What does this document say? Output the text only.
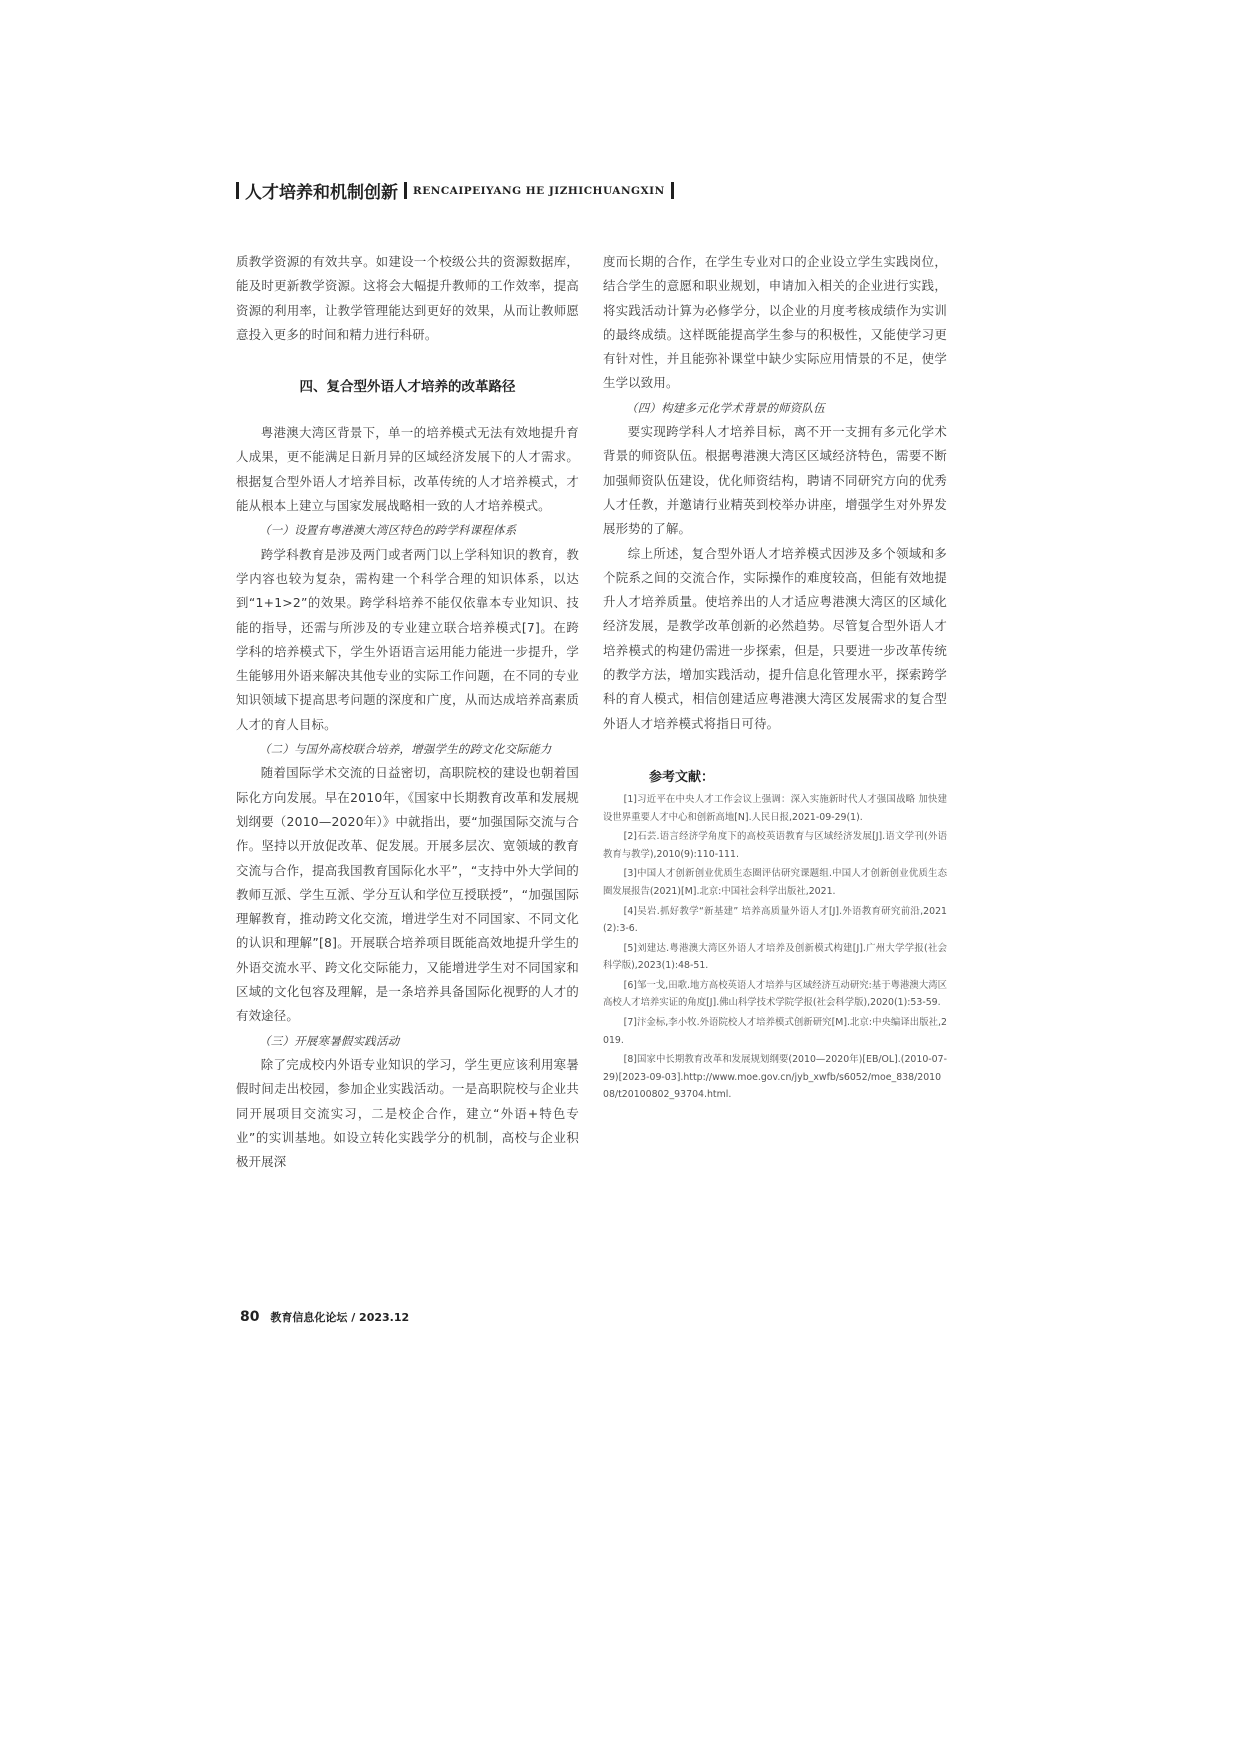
人才培养和机制创新 RENCAIPEIYANG HE JIZHICHUANGXIN

质教学资源的有效共享。如建设一个校级公共的资源数据库，能及时更新教学资源。这将会大幅提升教师的工作效率，提高资源的利用率，让教学管理能达到更好的效果，从而让教师愿意投入更多的时间和精力进行科研。

四、复合型外语人才培养的改革路径

粤港澳大湾区背景下，单一的培养模式无法有效地提升育人成果，更不能满足日新月异的区域经济发展下的人才需求。根据复合型外语人才培养目标，改革传统的人才培养模式，才能从根本上建立与国家发展战略相一致的人才培养模式。

（一）设置有粤港澳大湾区特色的跨学科课程体系

跨学科教育是涉及两门或者两门以上学科知识的教育，教学内容也较为复杂，需构建一个科学合理的知识体系，以达到“1+1>2”的效果。跨学科培养不能仅依靠本专业知识、技能的指导，还需与所涉及的专业建立联合培养模式[7]。在跨学科的培养模式下，学生外语语言运用能力能进一步提升，学生能够用外语来解决其他专业的实际工作问题，在不同的专业知识领域下提高思考问题的深度和广度，从而达成培养高素质人才的育人目标。

（二）与国外高校联合培养，增强学生的跨文化交际能力

随着国际学术交流的日益密切，高职院校的建设也朝着国际化方向发展。早在2010年，《国家中长期教育改革和发展规划纲要（2010—2020年）》中就指出，要“加强国际交流与合作。坚持以开放促改革、促发展。开展多层次、宽领域的教育交流与合作，提高我国教育国际化水平”，“支持中外大学间的教师互派、学生互派、学分互认和学位互授联授”，“加强国际理解教育，推动跨文化交流，增进学生对不同国家、不同文化的认识和理解”[8]。开展联合培养项目既能高效地提升学生的外语交流水平、跨文化交际能力，又能增进学生对不同国家和区域的文化包容及理解，是一条培养具备国际化视野的人才的有效途径。

（三）开展寒暑假实践活动

除了完成校内外语专业知识的学习，学生更应该利用寒暑假时间走出校园，参加企业实践活动。一是高职院校与企业共同开展项目交流实习，二是校企合作，建立“外语+特色专业”的实训基地。如设立转化实践学分的机制，高校与企业积极开展深

度而长期的合作，在学生专业对口的企业设立学生实践岗位，结合学生的意愿和职业规划，申请加入相关的企业进行实践，将实践活动计算为必修学分，以企业的月度考核成绩作为实训的最终成绩。这样既能提高学生参与的积极性，又能使学习更有针对性，并且能弥补课堂中缺少实际应用情景的不足，使学生学以致用。

（四）构建多元化学术背景的师资队伍

要实现跨学科人才培养目标，离不开一支拥有多元化学术背景的师资队伍。根据粤港澳大湾区区域经济特色，需要不断加强师资队伍建设，优化师资结构，聘请不同研究方向的优秀人才任教，并邀请行业精英到校举办讲座，增强学生对外界发展形势的了解。

综上所述，复合型外语人才培养模式因涉及多个领域和多个院系之间的交流合作，实际操作的难度较高，但能有效地提升人才培养质量。使培养出的人才适应粤港澳大湾区的区域化经济发展，是教学改革创新的必然趋势。尽管复合型外语人才培养模式的构建仍需进一步探索，但是，只要进一步改革传统的教学方法，增加实践活动，提升信息化管理水平，探索跨学科的育人模式，相信创建适应粤港澳大湾区发展需求的复合型外语人才培养模式将指日可待。

参考文献：

[1]习近平在中央人才工作会议上强调：深入实施新时代人才强国战略 加快建设世界重要人才中心和创新高地[N].人民日报,2021-09-29(1).

[2]石芸.语言经济学角度下的高校英语教育与区域经济发展[J].语文学刊(外语教育与教学),2010(9):110-111.

[3]中国人才创新创业优质生态圈评估研究课题组.中国人才创新创业优质生态圈发展报告(2021)[M].北京:中国社会科学出版社,2021.

[4]吴岩.抓好教学“新基建” 培养高质量外语人才[J].外语教育研究前沿,2021(2):3-6.

[5]刘建达.粤港澳大湾区外语人才培养及创新模式构建[J].广州大学学报(社会科学版),2023(1):48-51.

[6]邹一戈,田歌.地方高校英语人才培养与区域经济互动研究:基于粤港澳大湾区高校人才培养实证的角度[J].佛山科学技术学院学报(社会科学版),2020(1):53-59.

[7]汴金标,李小牧.外语院校人才培养模式创新研究[M].北京:中央编译出版社,2019.

[8]国家中长期教育改革和发展规划纲要(2010—2020年)[EB/OL].(2010-07-29)[2023-09-03].http://www.moe.gov.cn/jyb_xwfb/s6052/moe_838/201008/t20100802_93704.html.

80 教育信息化论坛 / 2023.12
